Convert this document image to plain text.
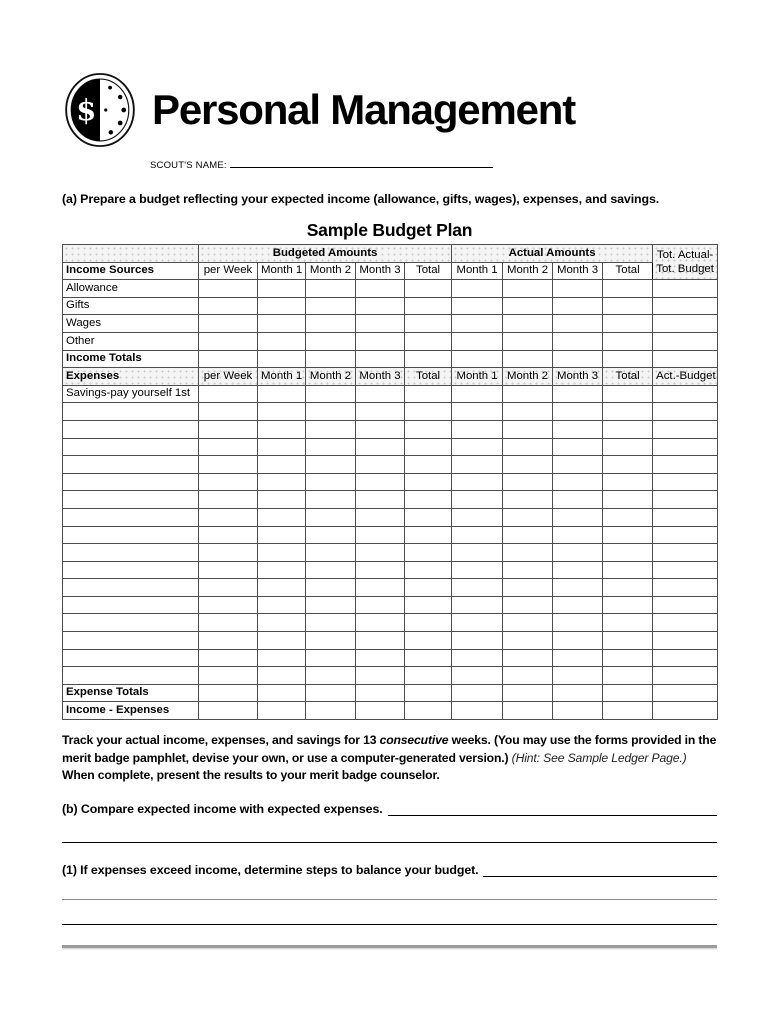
$ Personal Management
SCOUT'S NAME:
(a) Prepare a budget reflecting your expected income (allowance, gifts, wages), expenses, and savings.
Sample Budget Plan
	Budgeted Amounts					Actual Amounts				Tot. Actual-
Tot. Budget

Income Sources	per Week	Month 1	Month 2	Month 3	Total	Month 1	Month 2	Month 3	Total	
Allowance										
Gifts										
Wages										
Other										
Income Totals										
Expenses	per Week	Month 1	Month 2	Month 3	Total	Month 1	Month 2	Month 3	Total	Act.-Budget
Savings-pay yourself 1st										

Expense Totals										
Income - Expenses										

Track your actual income, expenses, and savings for 13 consecutive weeks. (You may use the forms provided in the merit badge pamphlet, devise your own, or use a computer-generated version.) (Hint: See Sample Ledger Page.) When complete, present the results to your merit badge counselor.

(b) Compare expected income with expected expenses.
(1) If expenses exceed income, determine steps to balance your budget.
